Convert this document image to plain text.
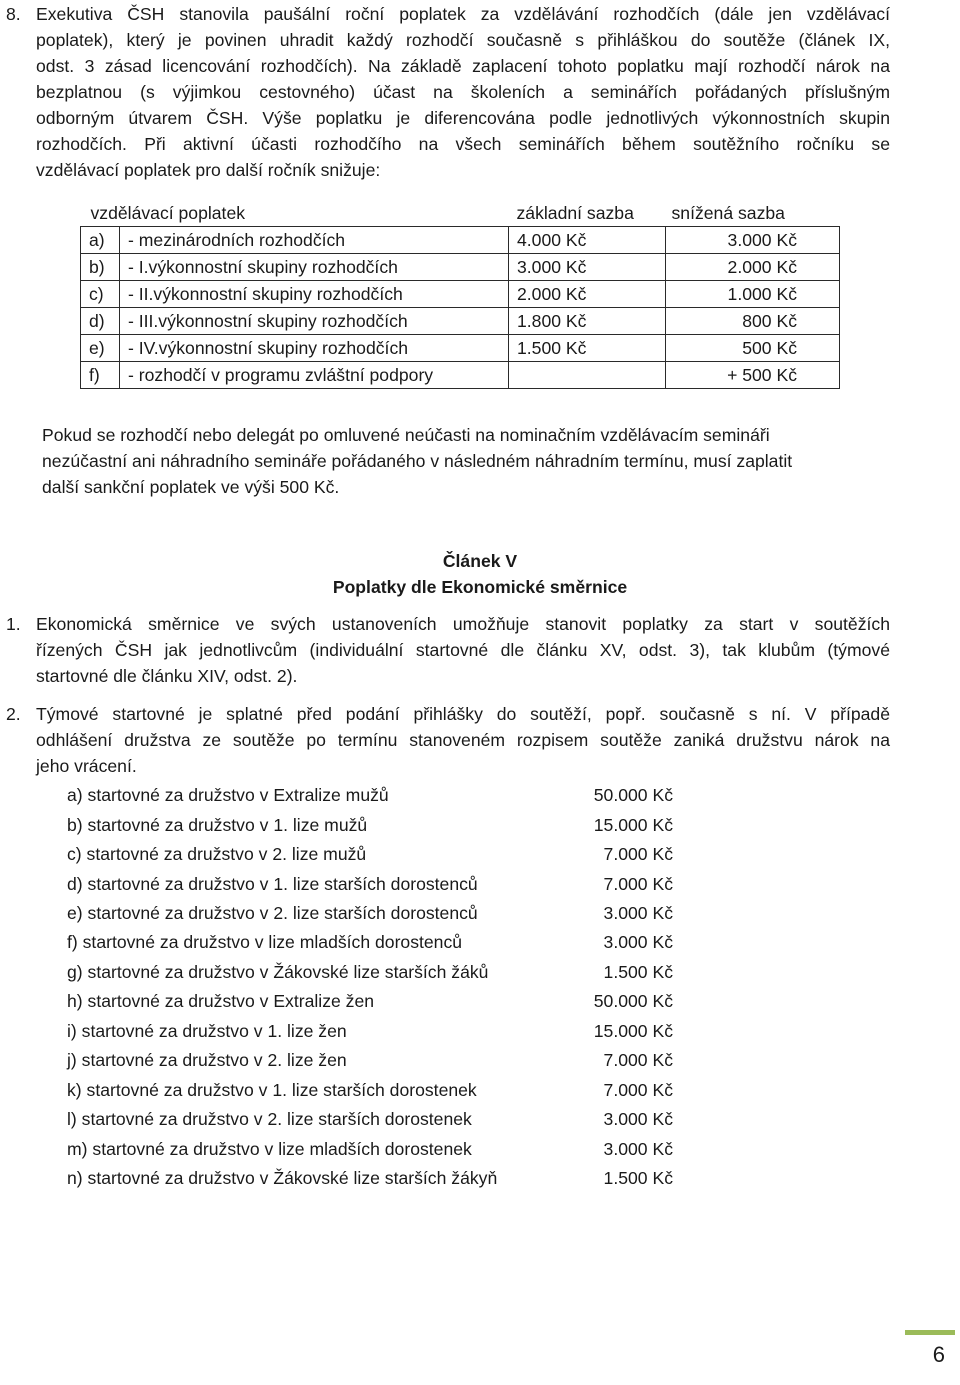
8. Exekutiva ČSH stanovila paušální roční poplatek za vzdělávání rozhodčích (dále jen vzdělávací
poplatek), který je povinen uhradit každý rozhodčí současně s přihláškou do soutěže (článek IX,
odst. 3 zásad licencování rozhodčích). Na základě zaplacení tohoto poplatku mají rozhodčí nárok na
bezplatnou (s výjimkou cestovného) účast na školeních a seminářích pořádaných příslušným
odborným útvarem ČSH. Výše poplatku je diferencována podle jednotlivých výkonnostních skupin
rozhodčích. Při aktivní účasti rozhodčího na všech seminářích během soutěžního ročníku se
vzdělávací poplatek pro další ročník snižuje:
vzdělávací poplatek		základní sazba	snížená sazba
a)	- mezinárodních rozhodčích	4.000 Kč	3.000 Kč
b)	- I.výkonnostní skupiny rozhodčích	3.000 Kč	2.000 Kč
c)	- II.výkonnostní skupiny rozhodčích	2.000 Kč	1.000 Kč
d)	- III.výkonnostní skupiny rozhodčích	1.800 Kč	800 Kč
e)	- IV.výkonnostní skupiny rozhodčích	1.500 Kč	500 Kč
f)	- rozhodčí v programu zvláštní podpory		+ 500 Kč
Pokud se rozhodčí nebo delegát po omluvené neúčasti na nominačním vzdělávacím semináři
nezúčastní ani náhradního semináře pořádaného v následném náhradním termínu, musí zaplatit
další sankční poplatek ve výši 500 Kč.
Článek V
Poplatky dle Ekonomické směrnice
1. Ekonomická směrnice ve svých ustanoveních umožňuje stanovit poplatky za start v soutěžích
řízených ČSH jak jednotlivcům (individuální startovné dle článku XV, odst. 3), tak klubům (týmové
startovné dle článku XIV, odst. 2).
2. Týmové startovné je splatné před podání přihlášky do soutěží, popř. současně s ní. V případě
odhlášení družstva ze soutěže po termínu stanoveném rozpisem soutěže zaniká družstvu nárok na
jeho vrácení.
a) startovné za družstvo v Extralize mužů	50.000 Kč
b) startovné za družstvo v 1. lize mužů	15.000 Kč
c) startovné za družstvo v 2. lize mužů	7.000 Kč
d) startovné za družstvo v 1. lize starších dorostenců	7.000 Kč
e) startovné za družstvo v 2. lize starších dorostenců	3.000 Kč
f) startovné za družstvo v lize mladších dorostenců	3.000 Kč
g) startovné za družstvo v Žákovské lize starších žáků	1.500 Kč
h) startovné za družstvo v Extralize žen	50.000 Kč
i) startovné za družstvo v 1. lize žen	15.000 Kč
j) startovné za družstvo v 2. lize žen	7.000 Kč
k) startovné za družstvo v 1. lize starších dorostenek	7.000 Kč
l) startovné za družstvo v 2. lize starších dorostenek	3.000 Kč
m) startovné za družstvo v lize mladších dorostenek	3.000 Kč
n) startovné za družstvo v Žákovské lize starších žákyň	1.500 Kč
6
